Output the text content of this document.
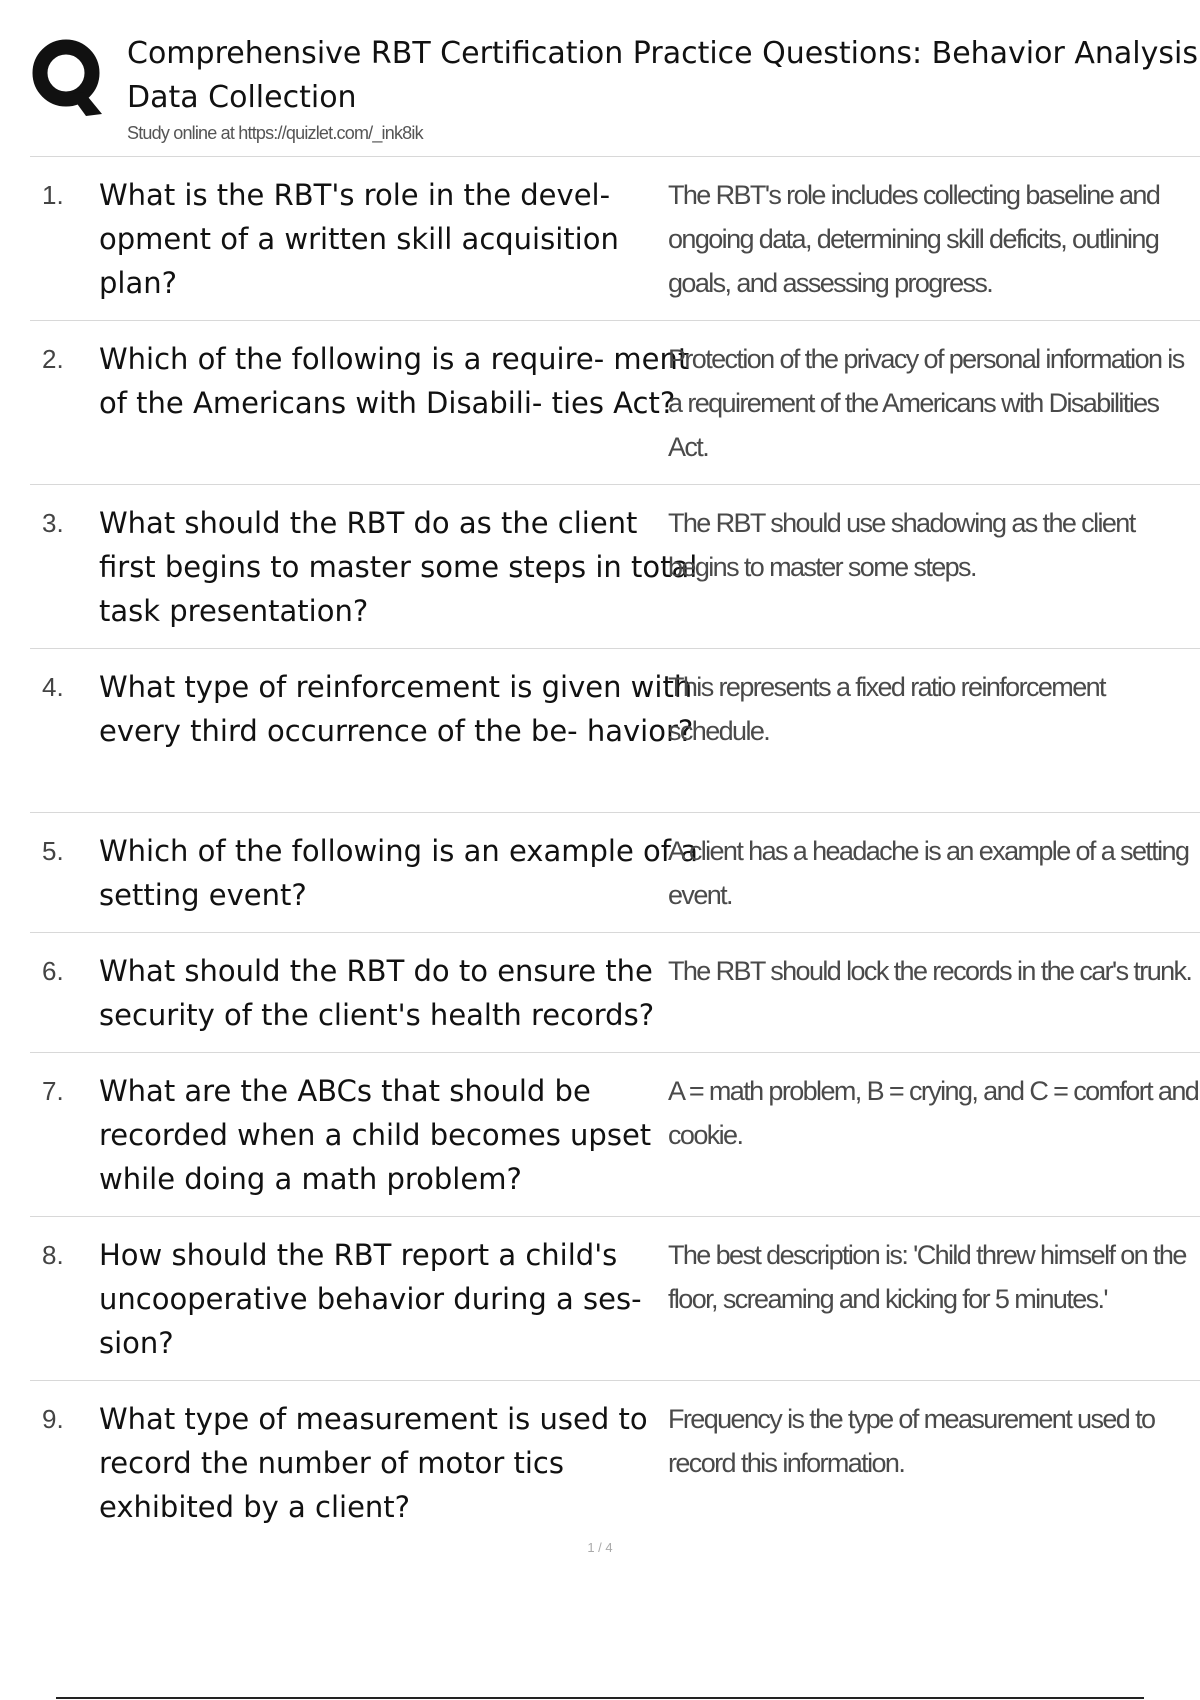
Comprehensive RBT Certification Practice Questions: Behavior Analysis Data Collection
Study online at https://quizlet.com/_ink8ik
1. What is the RBT's role in the devel- opment of a written skill acquisition plan?
The RBT's role includes collecting baseline and ongoing data, determining skill deficits, outlining goals, and assessing progress.
2. Which of the following is a require- ment of the Americans with Disabili- ties Act?
Protection of the privacy of personal information is a requirement of the Americans with Disabilities Act.
3. What should the RBT do as the client first begins to master some steps in total task presentation?
The RBT should use shadowing as the client begins to master some steps.
4. What type of reinforcement is given with every third occurrence of the be- havior?
This represents a fixed ratio reinforcement schedule.
5. Which of the following is an example of a setting event?
A client has a headache is an example of a setting event.
6. What should the RBT do to ensure the security of the client's health records?
The RBT should lock the records in the car's trunk.
7. What are the ABCs that should be recorded when a child becomes upset while doing a math problem?
A = math problem, B = crying, and C = comfort and cookie.
8. How should the RBT report a child's uncooperative behavior during a ses- sion?
The best description is: 'Child threw himself on the floor, screaming and kicking for 5 minutes.'
9. What type of measurement is used to record the number of motor tics exhibited by a client?
Frequency is the type of measurement used to record this information.
1 / 4
